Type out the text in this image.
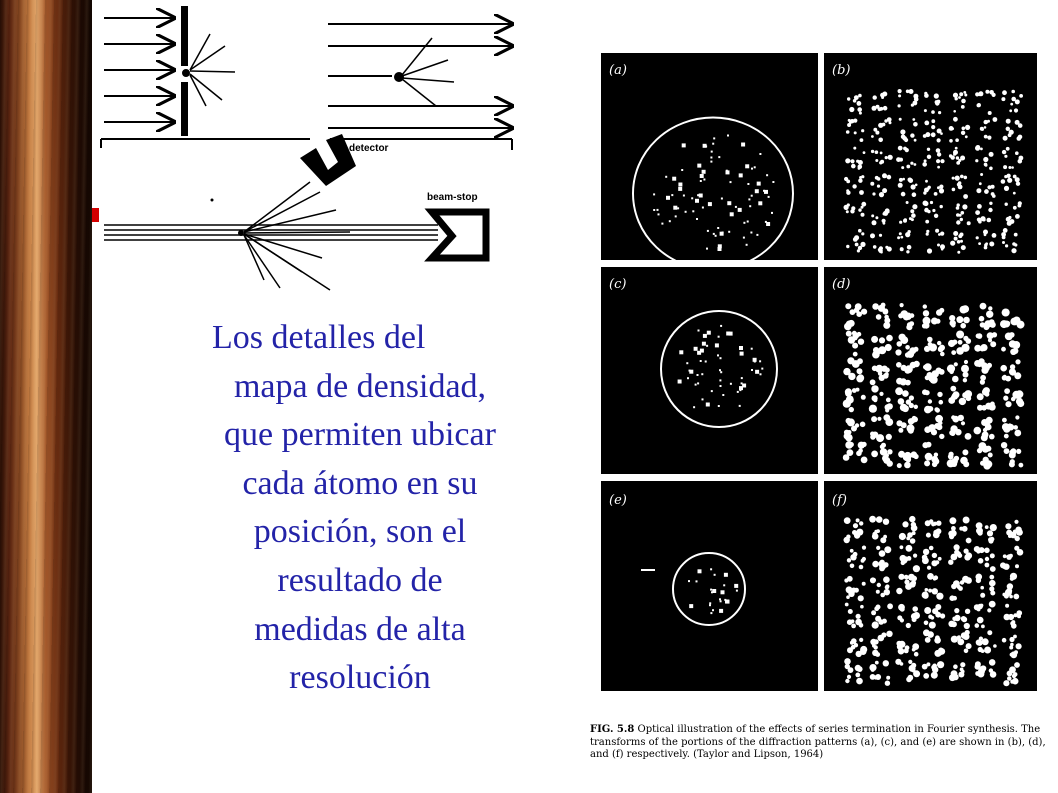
detector
beam-stop
Los detalles del
mapa de densidad,
que permiten ubicar
cada átomo en su
posición, son el
resultado de
medidas de alta
resolución
(a)	(b)
(c)	(d)
(e)	(f)
FIG. 5.8 Optical illustration of the effects of series termination in Fourier synthesis. The transforms of the portions of the diffraction patterns (a), (c), and (e) are shown in (b), (d), and (f) respectively. (Taylor and Lipson, 1964)
